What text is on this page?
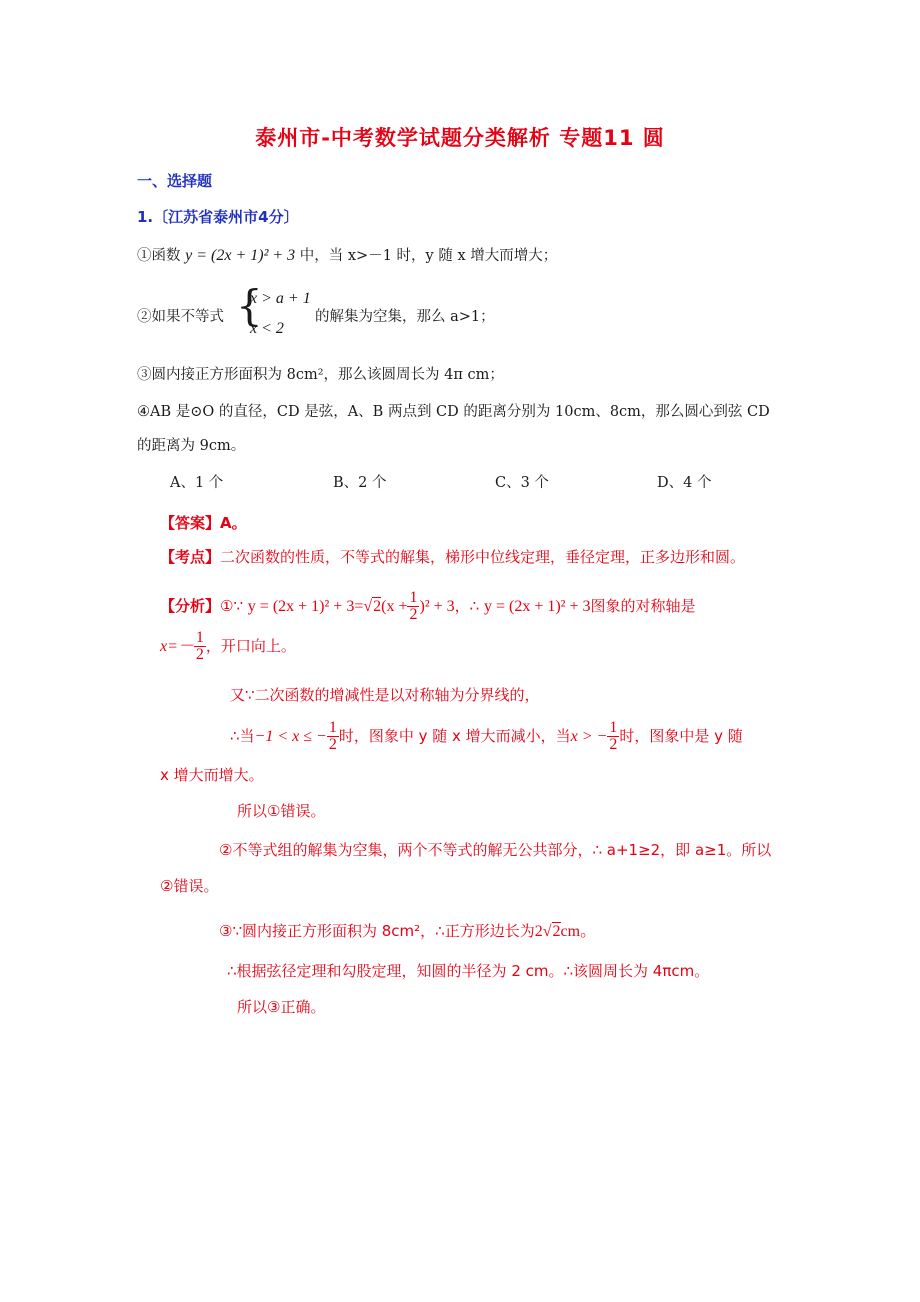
泰州市-中考数学试题分类解析 专题11 圆
一、选择题
1.〔江苏省泰州市4分〕
①函数 y = (2x + 1)² + 3 中，当 x>－1 时，y 随 x 增大而增大；
②如果不等式 {
x > a + 1
x < 2
的解集为空集，那么 a>1；
③圆内接正方形面积为 8cm²，那么该圆周长为 4π cm；
④AB 是⊙O 的直径，CD 是弦，A、B 两点到 CD 的距离分别为 10cm、8cm，那么圆心到弦 CD
的距离为 9cm。
A、1 个	B、2 个	C、3 个	D、4 个
【答案】A。
【考点】二次函数的性质，不等式的解集，梯形中位线定理，垂径定理，正多边形和圆。
【分析】①∵ $y = (2x + 1)^2 + 3=√2(x + \frac{1}{2} )^2 + 3$，∴ y = (2x + 1)² + 3图象的对称轴是
$x=- \frac{1}{2}$ ，开口向上。
又∵二次函数的增减性是以对称轴为分界线的，
∴当−1 < x ≤ − $\frac{1}{2}$ 时，图象中 y 随 x 增大而减小，当x > − $\frac{1}{2}$ 时，图象中是 y 随
x 增大而增大。
所以①错误。
②不等式组的解集为空集，两个不等式的解无公共部分，∴ a+1≥2，即 a≥1。所以
②错误。
③∵圆内接正方形面积为 8cm²，∴正方形边长为2√2cm。
∴根据弦径定理和勾股定理，知圆的半径为 2 cm。∴该圆周长为 4πcm。
所以③正确。
